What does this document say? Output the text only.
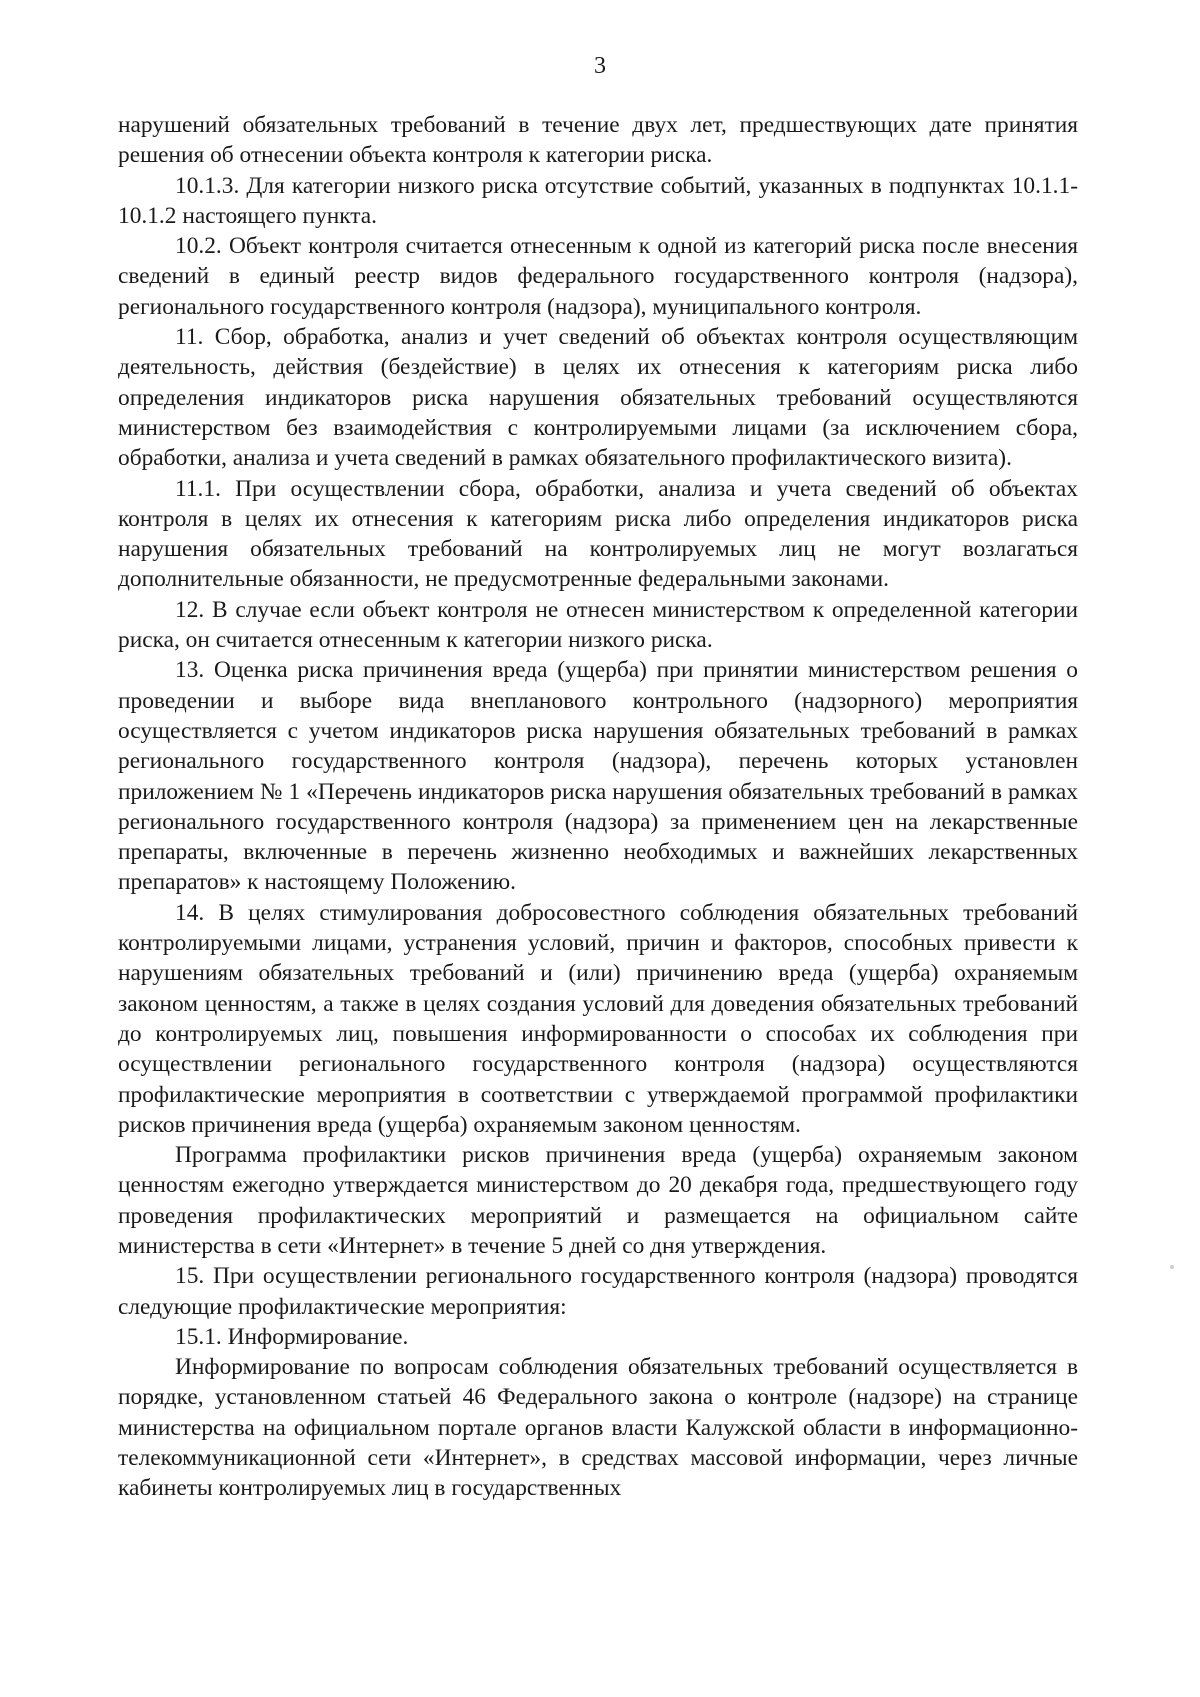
3

нарушений обязательных требований в течение двух лет, предшествующих дате принятия решения об отнесении объекта контроля к категории риска.

10.1.3. Для категории низкого риска отсутствие событий, указанных в подпунктах 10.1.1-10.1.2 настоящего пункта.

10.2. Объект контроля считается отнесенным к одной из категорий риска после внесения сведений в единый реестр видов федерального государственного контроля (надзора), регионального государственного контроля (надзора), муниципального контроля.

11. Сбор, обработка, анализ и учет сведений об объектах контроля осуществляющим деятельность, действия (бездействие) в целях их отнесения к категориям риска либо определения индикаторов риска нарушения обязательных требований осуществляются министерством без взаимодействия с контролируемыми лицами (за исключением сбора, обработки, анализа и учета сведений в рамках обязательного профилактического визита).

11.1. При осуществлении сбора, обработки, анализа и учета сведений об объектах контроля в целях их отнесения к категориям риска либо определения индикаторов риска нарушения обязательных требований на контролируемых лиц не могут возлагаться дополнительные обязанности, не предусмотренные федеральными законами.

12. В случае если объект контроля не отнесен министерством к определенной категории риска, он считается отнесенным к категории низкого риска.

13. Оценка риска причинения вреда (ущерба) при принятии министерством решения о проведении и выборе вида внепланового контрольного (надзорного) мероприятия осуществляется с учетом индикаторов риска нарушения обязательных требований в рамках регионального государственного контроля (надзора), перечень которых установлен приложением № 1 «Перечень индикаторов риска нарушения обязательных требований в рамках регионального государственного контроля (надзора) за применением цен на лекарственные препараты, включенные в перечень жизненно необходимых и важнейших лекарственных препаратов» к настоящему Положению.

14. В целях стимулирования добросовестного соблюдения обязательных требований контролируемыми лицами, устранения условий, причин и факторов, способных привести к нарушениям обязательных требований и (или) причинению вреда (ущерба) охраняемым законом ценностям, а также в целях создания условий для доведения обязательных требований до контролируемых лиц, повышения информированности о способах их соблюдения при осуществлении регионального государственного контроля (надзора) осуществляются профилактические мероприятия в соответствии с утверждаемой программой профилактики рисков причинения вреда (ущерба) охраняемым законом ценностям.

Программа профилактики рисков причинения вреда (ущерба) охраняемым законом ценностям ежегодно утверждается министерством до 20 декабря года, предшествующего году проведения профилактических мероприятий и размещается на официальном сайте министерства в сети «Интернет» в течение 5 дней со дня утверждения.

15. При осуществлении регионального государственного контроля (надзора) проводятся следующие профилактические мероприятия:

15.1. Информирование.

Информирование по вопросам соблюдения обязательных требований осуществляется в порядке, установленном статьей 46 Федерального закона о контроле (надзоре) на странице министерства на официальном портале органов власти Калужской области в информационно-телекоммуникационной сети «Интернет», в средствах массовой информации, через личные кабинеты контролируемых лиц в государственных
